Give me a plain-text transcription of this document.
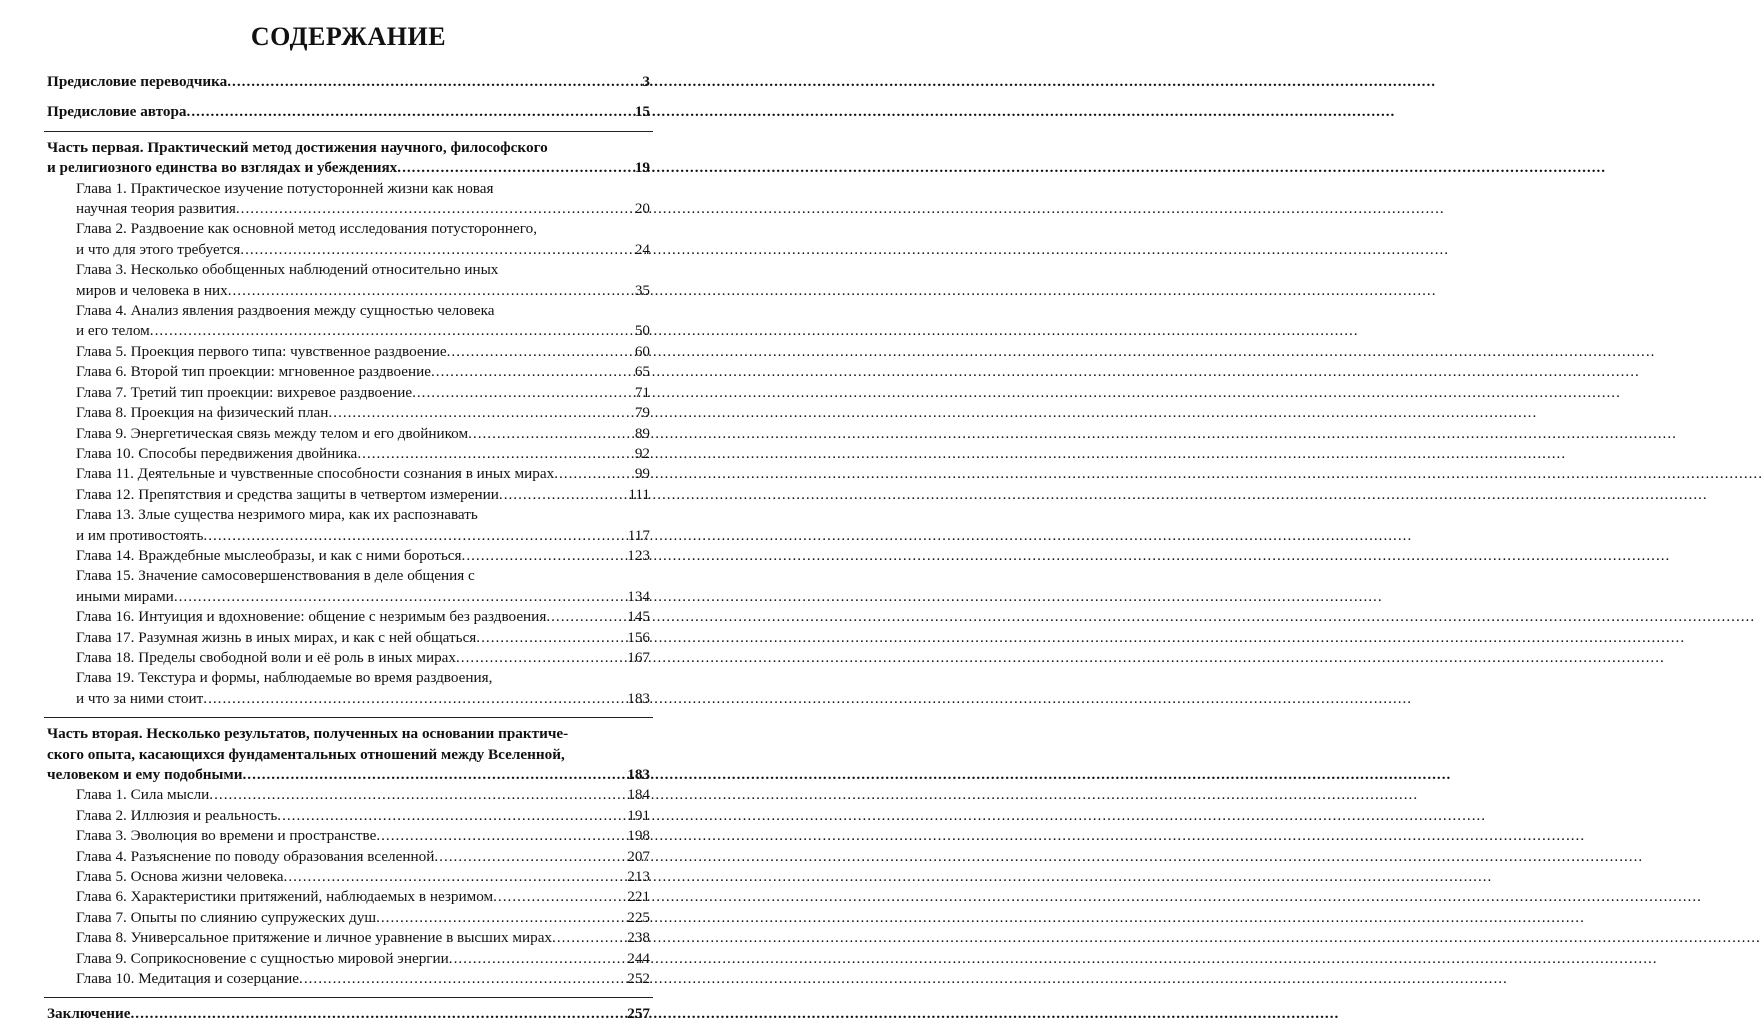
СОДЕРЖАНИЕ
Предисловие переводчика .....	3
Предисловие автора .....	15
Часть первая. Практический метод достижения научного, философского
и религиозного единства во взглядах и убеждениях .....	19
Глава 1. Практическое изучение потусторонней жизни как новая
научная теория развития .....	20
Глава 2. Раздвоение как основной метод исследования потустороннего,
и что для этого требуется .....	24
Глава 3. Несколько обобщенных наблюдений относительно иных
миров и человека в них .....	35
Глава 4. Анализ явления раздвоения между сущностью человека
и его телом .....	50
Глава 5. Проекция первого типа: чувственное раздвоение .....	60
Глава 6. Второй тип проекции: мгновенное раздвоение .....	65
Глава 7. Третий тип проекции: вихревое раздвоение .....	71
Глава 8. Проекция на физический план .....	79
Глава 9. Энергетическая связь между телом и его двойником .....	89
Глава 10. Способы передвижения двойника .....	92
Глава 11. Деятельные и чувственные способности сознания в иных мирах .....	99
Глава 12. Препятствия и средства защиты в четвертом измерении .....	111
Глава 13. Злые существа незримого мира, как их распознавать
и им противостоять .....	117
Глава 14. Враждебные мыслеобразы, и как с ними бороться .....	123
Глава 15. Значение самосовершенствования в деле общения с
иными мирами .....	134
Глава 16. Интуиция и вдохновение: общение с незримым без раздвоения .....	145
Глава 17. Разумная жизнь в иных мирах, и как с ней общаться .....	156
Глава 18. Пределы свободной воли и её роль в иных мирах .....	167
Глава 19. Текстура и формы, наблюдаемые во время раздвоения,
и что за ними стоит .....	183
Часть вторая. Несколько результатов, полученных на основании практиче-
ского опыта, касающихся фундаментальных отношений между Вселенной,
человеком и ему подобными .....	183
Глава 1. Сила мысли .....	184
Глава 2. Иллюзия и реальность .....	191
Глава 3. Эволюция во времени и пространстве .....	198
Глава 4. Разъяснение по поводу образования вселенной .....	207
Глава 5. Основа жизни человека .....	213
Глава 6. Характеристики притяжений, наблюдаемых в незримом .....	221
Глава 7. Опыты по слиянию супружеских душ .....	225
Глава 8. Универсальное притяжение и личное уравнение в высших мирах .....	238
Глава 9. Соприкосновение с сущностью мировой энергии .....	244
Глава 10. Медитация и созерцание .....	252
Заключение .....	257
